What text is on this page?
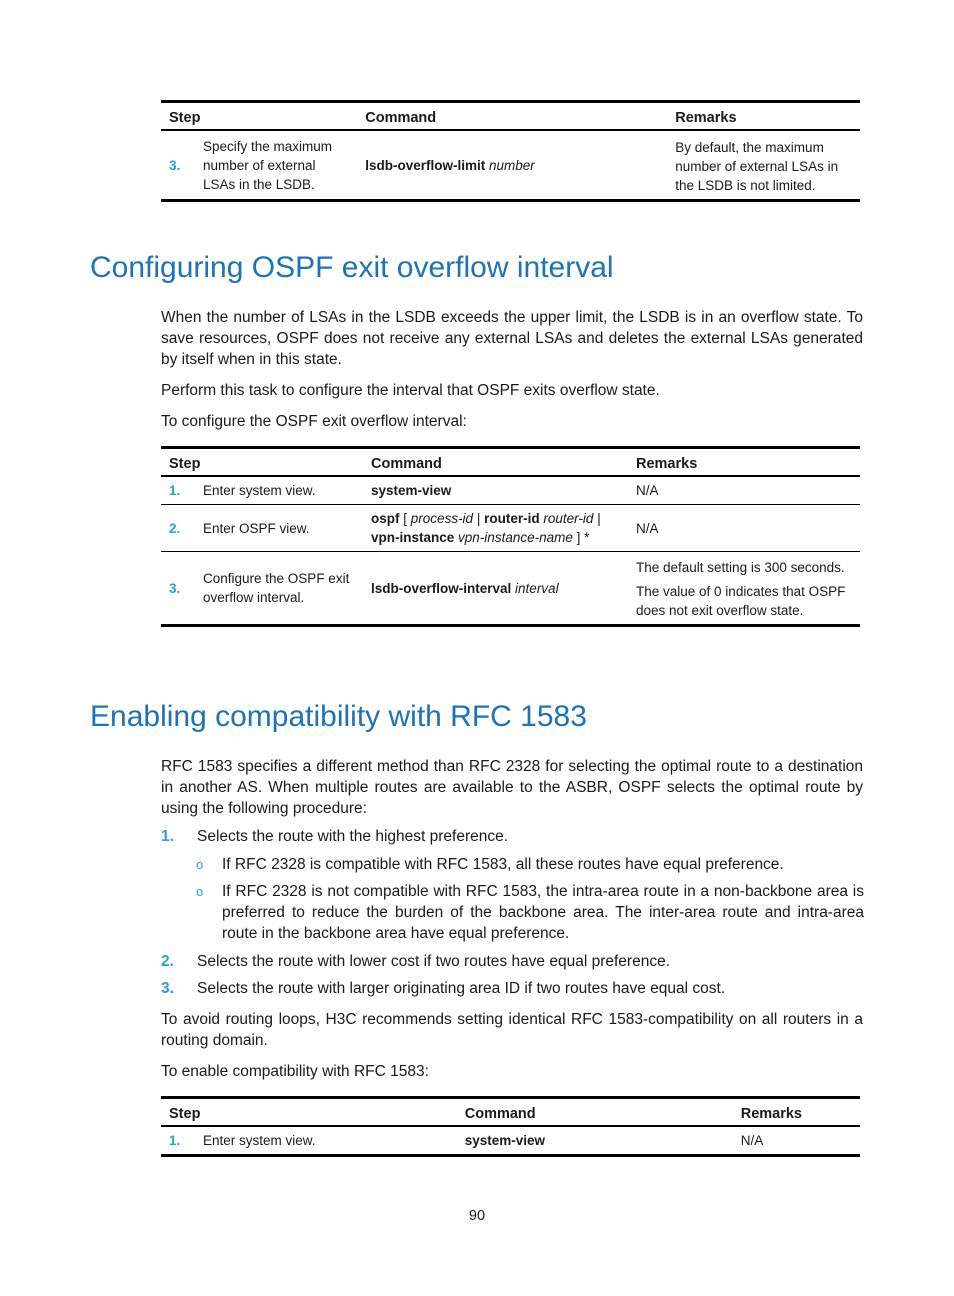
Step		Command	Remarks
3.	Specify the maximum number of external LSAs in the LSDB.	lsdb-overflow-limit number	By default, the maximum number of external LSAs in the LSDB is not limited.
Configuring OSPF exit overflow interval

When the number of LSAs in the LSDB exceeds the upper limit, the LSDB is in an overflow state. To save resources, OSPF does not receive any external LSAs and deletes the external LSAs generated by itself when in this state.

Perform this task to configure the interval that OSPF exits overflow state.

To configure the OSPF exit overflow interval:

Step		Command	Remarks
1.	Enter system view.	system-view	N/A
2.	Enter OSPF view.	ospf [ process-id | router-id router-id | vpn-instance vpn-instance-name ] *	N/A
3.	Configure the OSPF exit overflow interval.	lsdb-overflow-interval interval	The default setting is 300 seconds.

The value of 0 indicates that OSPF does not exit overflow state.

Enabling compatibility with RFC 1583

RFC 1583 specifies a different method than RFC 2328 for selecting the optimal route to a destination in another AS. When multiple routes are available to the ASBR, OSPF selects the optimal route by using the following procedure:

1. Selects the route with the highest preference.
o If RFC 2328 is compatible with RFC 1583, all these routes have equal preference.
o If RFC 2328 is not compatible with RFC 1583, the intra-area route in a non-backbone area is preferred to reduce the burden of the backbone area. The inter-area route and intra-area route in the backbone area have equal preference.
2. Selects the route with lower cost if two routes have equal preference.
3. Selects the route with larger originating area ID if two routes have equal cost.

To avoid routing loops, H3C recommends setting identical RFC 1583-compatibility on all routers in a routing domain.

To enable compatibility with RFC 1583:

Step		Command	Remarks
1.	Enter system view.	system-view	N/A
90
